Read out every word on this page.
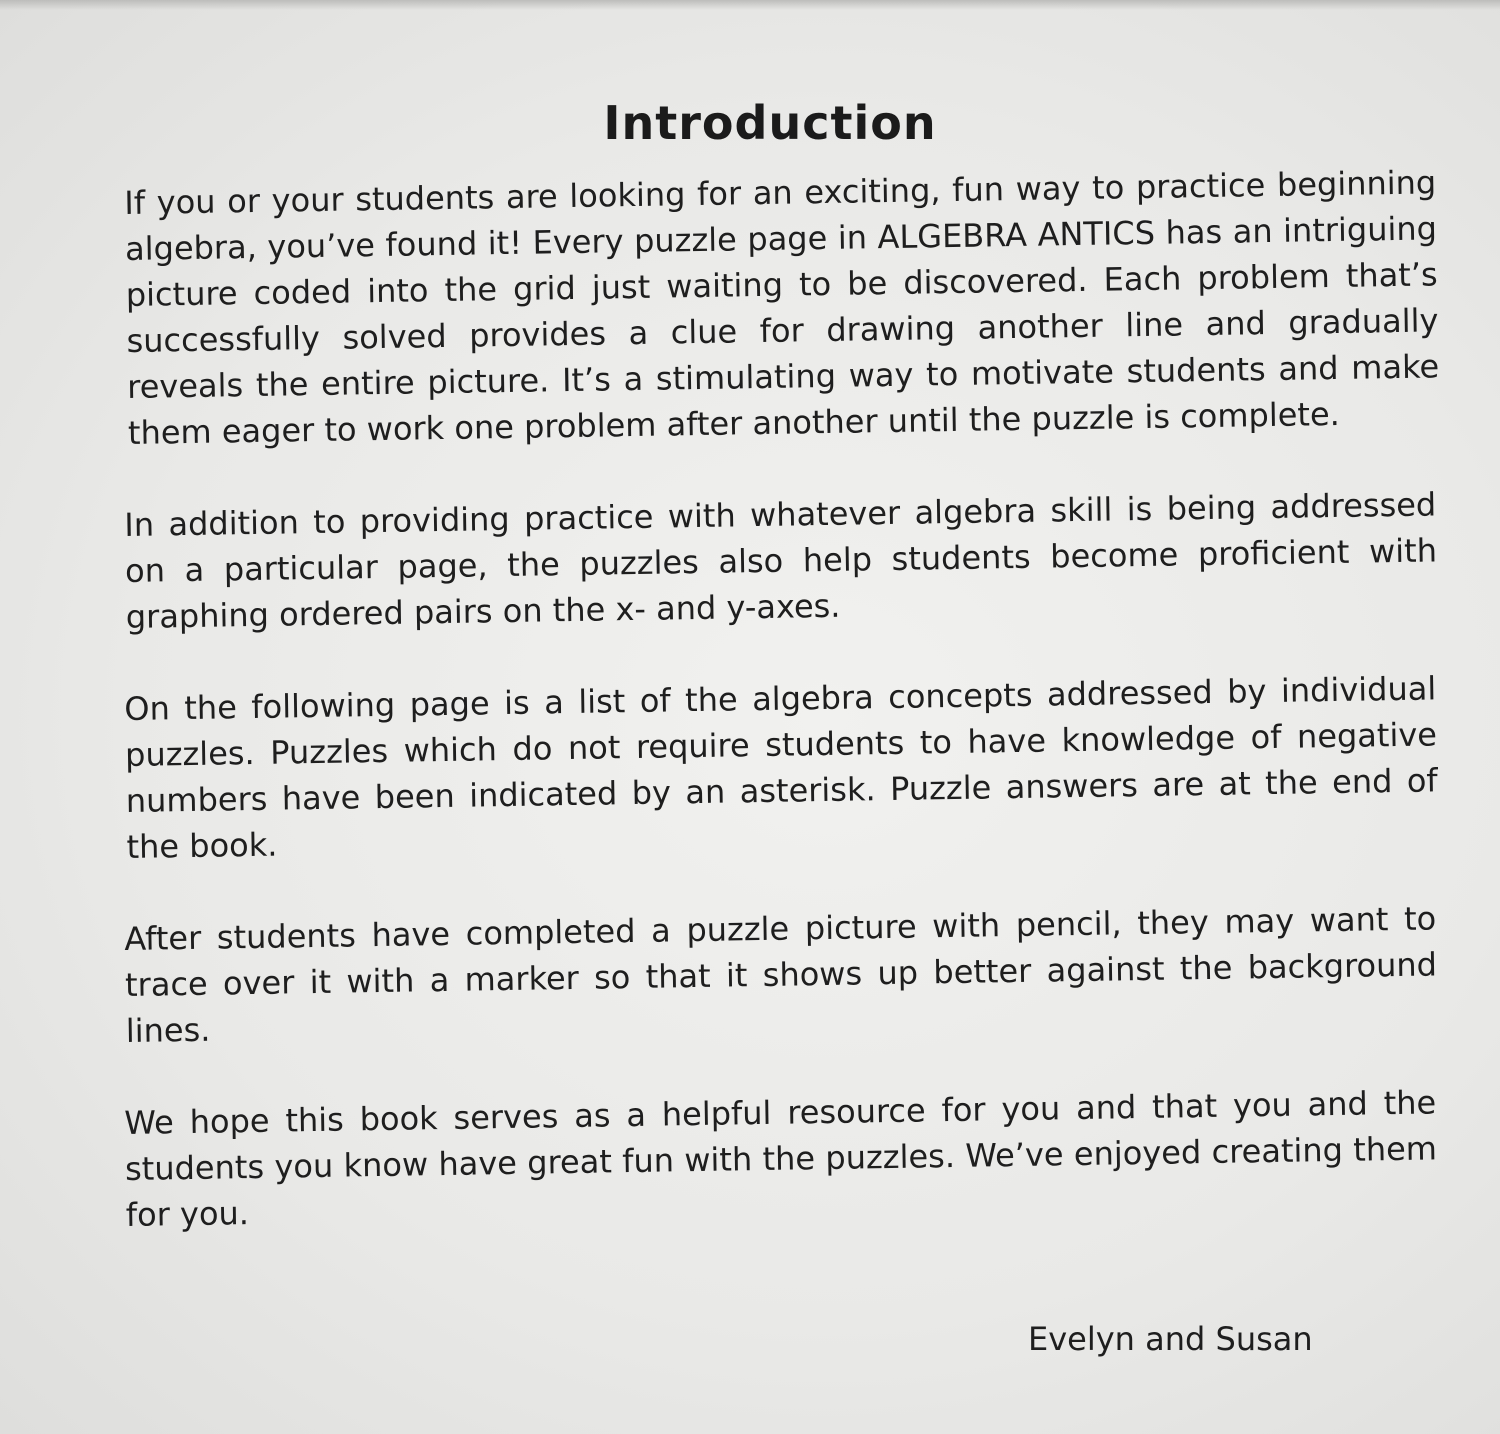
Introduction

If you or your students are looking for an exciting, fun way to practice beginning algebra, you’ve found it! Every puzzle page in ALGEBRA ANTICS has an intriguing picture coded into the grid just waiting to be discovered. Each problem that’s successfully solved provides a clue for drawing another line and gradually reveals the entire picture. It’s a stimulating way to motivate students and make them eager to work one problem after another until the puzzle is complete.

In addition to providing practice with whatever algebra skill is being addressed on a particular page, the puzzles also help students become proficient with graphing ordered pairs on the x- and y-axes.

On the following page is a list of the algebra concepts addressed by individual puzzles. Puzzles which do not require students to have knowledge of negative numbers have been indicated by an asterisk. Puzzle answers are at the end of the book.

After students have completed a puzzle picture with pencil, they may want to trace over it with a marker so that it shows up better against the background lines.

We hope this book serves as a helpful resource for you and that you and the students you know have great fun with the puzzles. We’ve enjoyed creating them for you.

Evelyn and Susan
